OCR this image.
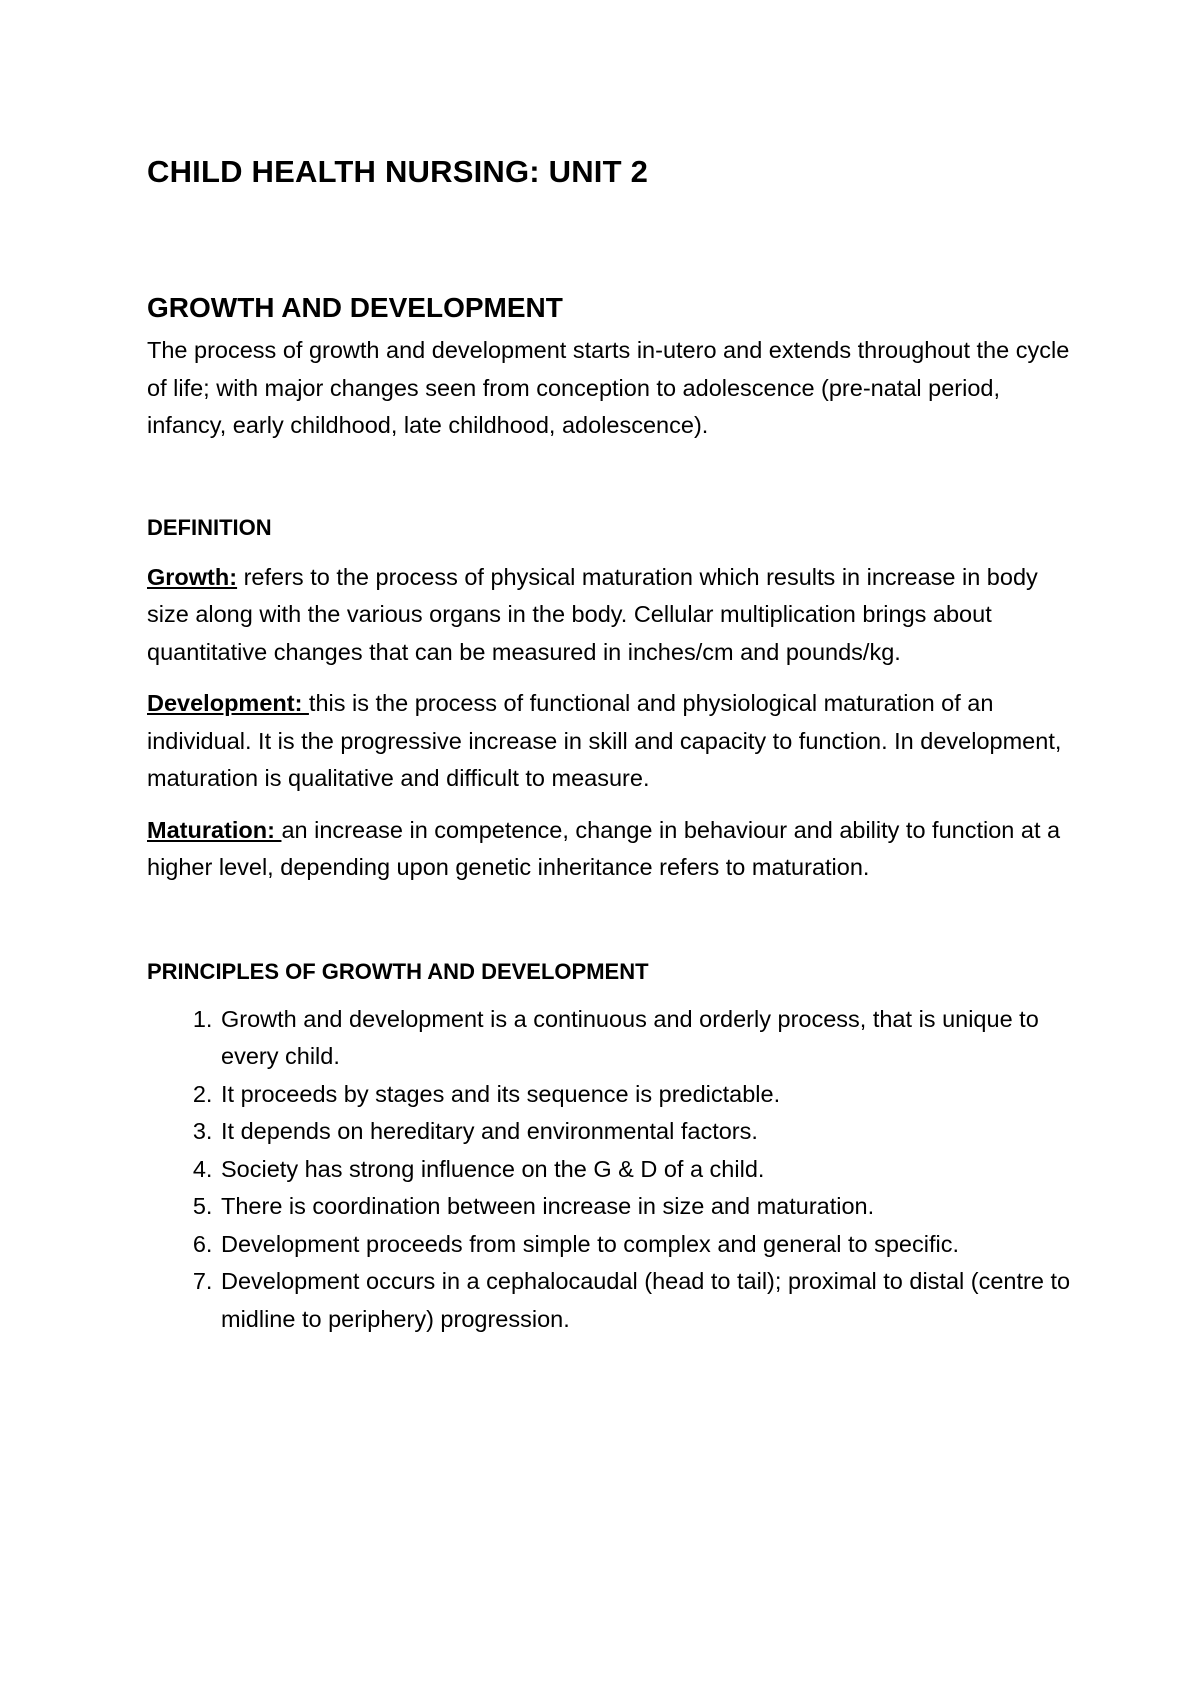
CHILD HEALTH NURSING: UNIT 2
GROWTH AND DEVELOPMENT

The process of growth and development starts in-utero and extends throughout the cycle of life; with major changes seen from conception to adolescence (pre-natal period, infancy, early childhood, late childhood, adolescence).

DEFINITION

Growth: refers to the process of physical maturation which results in increase in body size along with the various organs in the body. Cellular multiplication brings about quantitative changes that can be measured in inches/cm and pounds/kg.

Development: this is the process of functional and physiological maturation of an individual. It is the progressive increase in skill and capacity to function. In development, maturation is qualitative and difficult to measure.

Maturation: an increase in competence, change in behaviour and ability to function at a higher level, depending upon genetic inheritance refers to maturation.

PRINCIPLES OF GROWTH AND DEVELOPMENT
1. Growth and development is a continuous and orderly process, that is unique to every child.
2. It proceeds by stages and its sequence is predictable.
3. It depends on hereditary and environmental factors.
4. Society has strong influence on the G & D of a child.
5. There is coordination between increase in size and maturation.
6. Development proceeds from simple to complex and general to specific.
7. Development occurs in a cephalocaudal (head to tail); proximal to distal (centre to midline to periphery) progression.
